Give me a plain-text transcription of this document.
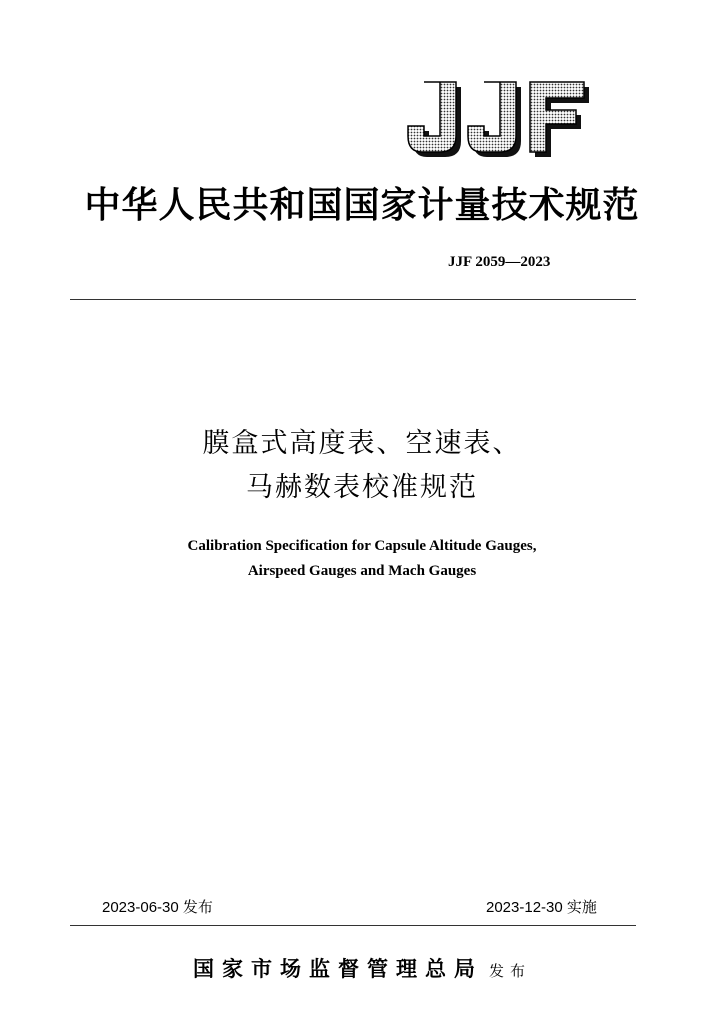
中华人民共和国国家计量技术规范
JJF 2059—2023
膜盒式高度表、空速表、
马赫数表校准规范
Calibration Specification for Capsule Altitude Gauges,
Airspeed Gauges and Mach Gauges
2023-06-30 发布	2023-12-30 实施
国家市场监督管理总局 发布
